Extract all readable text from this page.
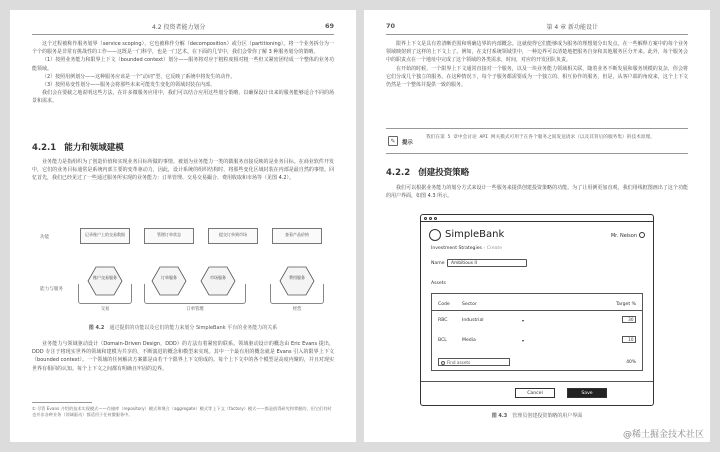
4.2 投资者能力划分	69

这个过程被称作服务划界（service scoping），它也被称作分解（decomposition）或分区（partitioning）。将一个业务拆分为一个个的服务是非常有挑战性的工作——这既是一门科学，也是一门艺术。在下面的几节中，我们会带你了解 3 种服务划分的策略。

（1）按照业务能力和限界上下文（bounded context）划分——服务将对应于粗粒度相对粗一些但又紧密团结成一个整体的业务功能领域。

（2）按照用例划分——这种服务应该是一个“动词”型，它反映了系统中将发生的动作。

（3）按照易变性划分——服务会将那些未来可能发生变化的领域封装在内部。

我们会在要截之地说明这些方法，在许多微服务应用中，我们可以结合应用这些划分策略，以确保设计出来的服务能够适合不同的场景和需求。

4.2.1 能力和领域建模

业务能力是指组织为了创造价值和实现业务目标所做的事情。被划为业务能力一类的微服务直接反映的是业务目标。在商业软件开发中，它们的业务目标通常是系统内部主要的变革驱动力，因此，设计系统的组织结构时，将那些变化区域封装在内部是最自然的事情。回忆首先，我们已经见过了一些通过服务所实现的业务能力：订单管理、交易交易撮合、费用收取和市场等（见图 4.2）。

功能
能力与服务
记录账户上的交易数据	管理订单状态	提交订单到市场	查看产品价格
账户交易服务	订单服务	市场服务	费用服务
交易	订单管理	经营
图 4.2 通过提供的功能以及它们的能力来划分 SimpleBank 平台的业务能力的关系

业务能力与领域驱动设计（Domain-Driven Design，DDD）的方法有着紧密的联系。领域驱动设计的概念由 Eric Evans 提出，DDD 专注于将现实世界的领域和建模为共享的，不断演进的概念和模型来实现。其中一个最有用的概念就是 Evans 引入的限界上下文（bounded context）。一个领域的任何解决方案都是由若干个限界上下文组成的。每个上下文中的各个模型是高度内聚的，并且对现实世界有相同的认知。每个上下文之间都有明确且牢固的边界。

① 尽管 Evans 介绍的技术实现模式——存储库（repository）模式和聚合（aggregate）模式等上下文（factory）模式——都是值得研究和掌握的，但它们有时也并非各种业务（领域驱动）都适用于任何微服务中。
70	第 4 章 新功能设计

限界上下文是具有着清晰范围和明确边界的内部概念。这就使得它们能够成为服务的理想划分出发点。在一些解释方案中的每个业务领域映射到了这样的上下文上了。例如，在支付系统领域里中，一种边界可以清楚地把服务自身和其他服务区分开来。此外，每个服务会中的职责点在一个地址中完成了这个领域的各类需求，时间，对应的开发团队负责。

在开始的时候，一个限界上下文通常直接对一个服务，以及一块业务能力领域相关联，随着业务不断发展和服务规模的复杂，你会将它们分成几个独立的服务。在这种情况下，每个子服务都需要成为一个独立的、相互协作的服务，但是，从客户端的角度来，这个上下文仍然是一个整体并提供一致的服务。

✎	提示
我们在第 5 章中会讨论 API 网关模式可用于在各个服务之间发送请求（以及其背后的服务集）的技术原理。
4.2.2 创建投资策略

我们可以根据业务能力的划分方式来设计一些服务来提供创建投资策略的功能。为了让用例更加直观，我们用线框图画出了这个功能的用户界面，如图 4.3 所示。

SimpleBank	Mr. Nelson
Investment Strategies › Create
Name	Ambitious II
Assets
Code	Sector	Target %
RBC	Industrial	▾	30
BCL	Media	▾	10
Find assets	40%
Cancel	Save
图 4.3 管理员创建投资策略的用户界面
@稀土掘金技术社区
